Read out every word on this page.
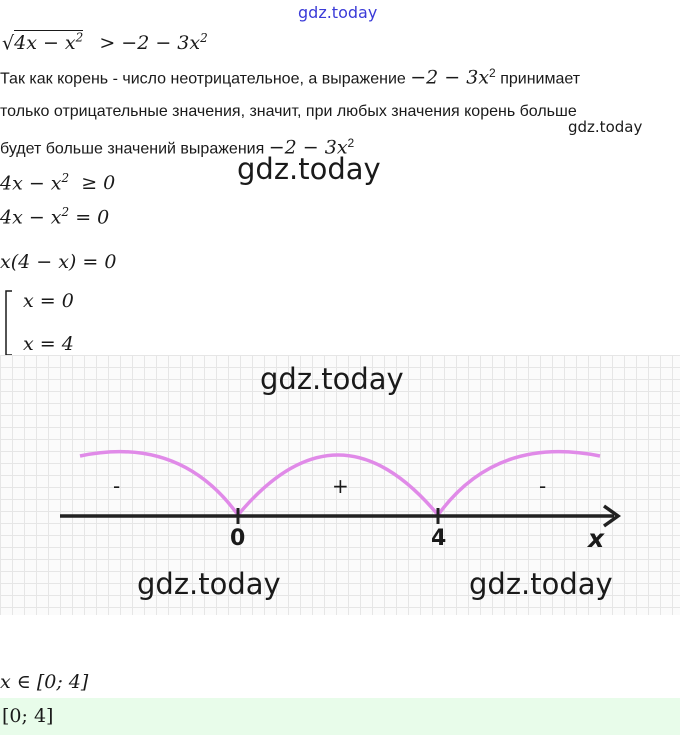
gdz.today
$√4x - x^2 > -2 - 3x^2$
Так как корень - число неотрицательное, а выражение $-2 - 3x^2$ принимает
только отрицательные значения, значит, при любых значения корень больше
gdz.today
будет больше значений выражения $-2 - 3x^2$
$4x - x^2 \ge 0$	gdz.today
$4x - x^2 = 0$
x(4 − x) = 0
x = 0
x = 4
gdz.today
-	+	-
0	4	x
gdz.today	gdz.today
x ∈ [0; 4]
[0; 4]
